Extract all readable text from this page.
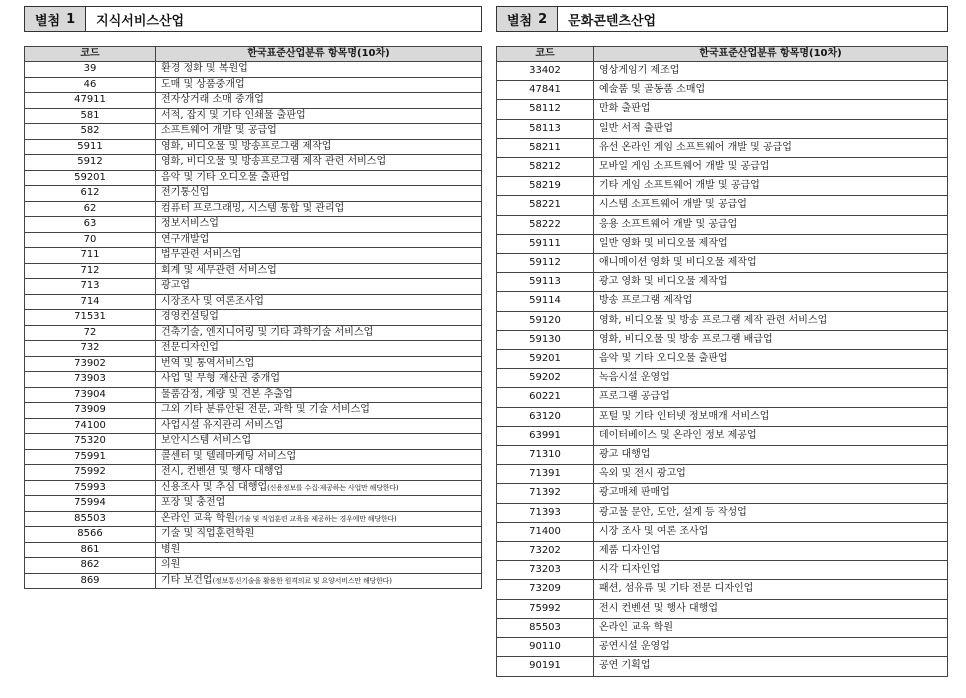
별첨 1	지식서비스산업
코드	한국표준산업분류 항목명(10차)
39	환경 정화 및 복원업
46	도매 및 상품중개업
47911	전자상거래 소매 중개업
581	서적, 잡지 및 기타 인쇄물 출판업
582	소프트웨어 개발 및 공급업
5911	영화, 비디오물 및 방송프로그램 제작업
5912	영화, 비디오물 및 방송프로그램 제작 관련 서비스업
59201	음악 및 기타 오디오물 출판업
612	전기통신업
62	컴퓨터 프로그래밍, 시스템 통합 및 관리업
63	정보서비스업
70	연구개발업
711	법무관련 서비스업
712	회계 및 세무관련 서비스업
713	광고업
714	시장조사 및 여론조사업
71531	경영컨설팅업
72	건축기술, 엔지니어링 및 기타 과학기술 서비스업
732	전문디자인업
73902	번역 및 통역서비스업
73903	사업 및 무형 재산권 중개업
73904	물품감정, 계량 및 견본 추출업
73909	그외 기타 분류안된 전문, 과학 및 기술 서비스업
74100	사업시설 유지관리 서비스업
75320	보안시스템 서비스업
75991	콜센터 및 텔레마케팅 서비스업
75992	전시, 컨벤션 및 행사 대행업
75993	신용조사 및 추심 대행업(신용정보를 수집·제공하는 사업만 해당한다)
75994	포장 및 충전업
85503	온라인 교육 학원(기술 및 직업훈련 교육을 제공하는 경우에만 해당한다)
8566	기술 및 직업훈련학원
861	병원
862	의원
869	기타 보건업(정보통신기술을 활용한 원격의료 및 요양서비스만 해당한다)
별첨 2	문화콘텐츠산업
코드	한국표준산업분류 항목명(10차)
33402	영상게임기 제조업
47841	예술품 및 골동품 소매업
58112	만화 출판업
58113	일반 서적 출판업
58211	유선 온라인 게임 소프트웨어 개발 및 공급업
58212	모바일 게임 소프트웨어 개발 및 공급업
58219	기타 게임 소프트웨어 개발 및 공급업
58221	시스템 소프트웨어 개발 및 공급업
58222	응용 소프트웨어 개발 및 공급업
59111	일반 영화 및 비디오물 제작업
59112	애니메이션 영화 및 비디오물 제작업
59113	광고 영화 및 비디오물 제작업
59114	방송 프로그램 제작업
59120	영화, 비디오물 및 방송 프로그램 제작 관련 서비스업
59130	영화, 비디오물 및 방송 프로그램 배급업
59201	음악 및 기타 오디오물 출판업
59202	녹음시설 운영업
60221	프로그램 공급업
63120	포털 및 기타 인터넷 정보매개 서비스업
63991	데이터베이스 및 온라인 정보 제공업
71310	광고 대행업
71391	옥외 및 전시 광고업
71392	광고매체 판매업
71393	광고물 문안, 도안, 설계 등 작성업
71400	시장 조사 및 여론 조사업
73202	제품 디자인업
73203	시각 디자인업
73209	패션, 섬유류 및 기타 전문 디자인업
75992	전시 컨벤션 및 행사 대행업
85503	온라인 교육 학원
90110	공연시설 운영업
90191	공연 기획업
